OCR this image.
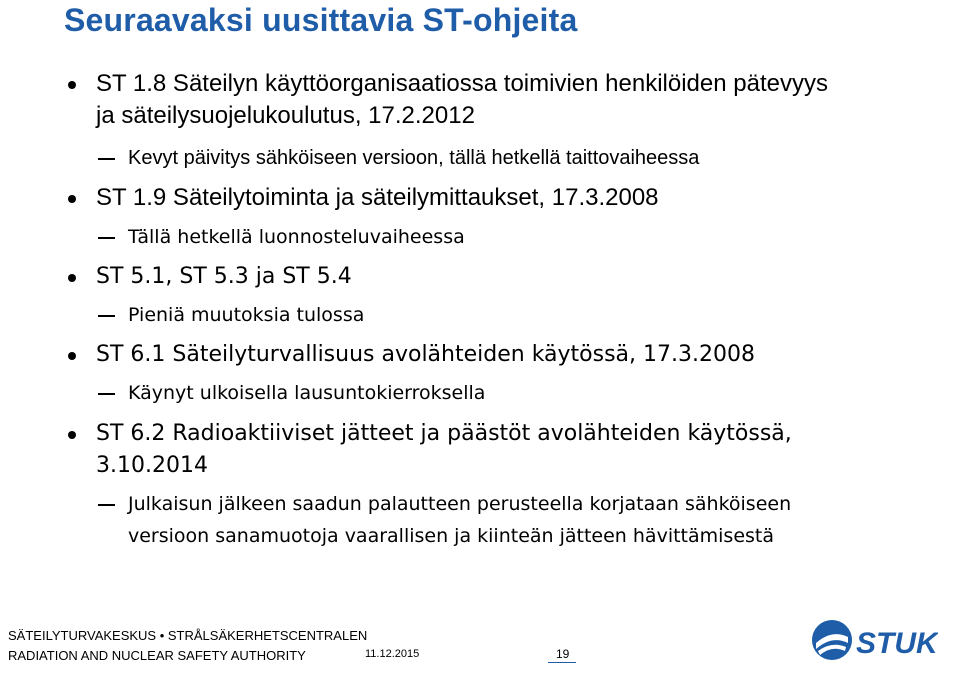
Seuraavaksi uusittavia ST-ohjeita
ST 1.8 Säteilyn käyttöorganisaatiossa toimivien henkilöiden pätevyys
ja säteilysuojelukoulutus, 17.2.2012
Kevyt päivitys sähköiseen versioon, tällä hetkellä taittovaiheessa
ST 1.9 Säteilytoiminta ja säteilymittaukset, 17.3.2008
Tällä hetkellä luonnosteluvaiheessa
ST 5.1, ST 5.3 ja ST 5.4
Pieniä muutoksia tulossa
ST 6.1 Säteilyturvallisuus avolähteiden käytössä, 17.3.2008
Käynyt ulkoisella lausuntokierroksella
ST 6.2 Radioaktiiviset jätteet ja päästöt avolähteiden käytössä,
3.10.2014
Julkaisun jälkeen saadun palautteen perusteella korjataan sähköiseen
versioon sanamuotoja vaarallisen ja kiinteän jätteen hävittämisestä
SÄTEILYTURVAKESKUS • STRÅLSÄKERHETSCENTRALEN
RADIATION AND NUCLEAR SAFETY AUTHORITY	11.12.2015	19	STUK
